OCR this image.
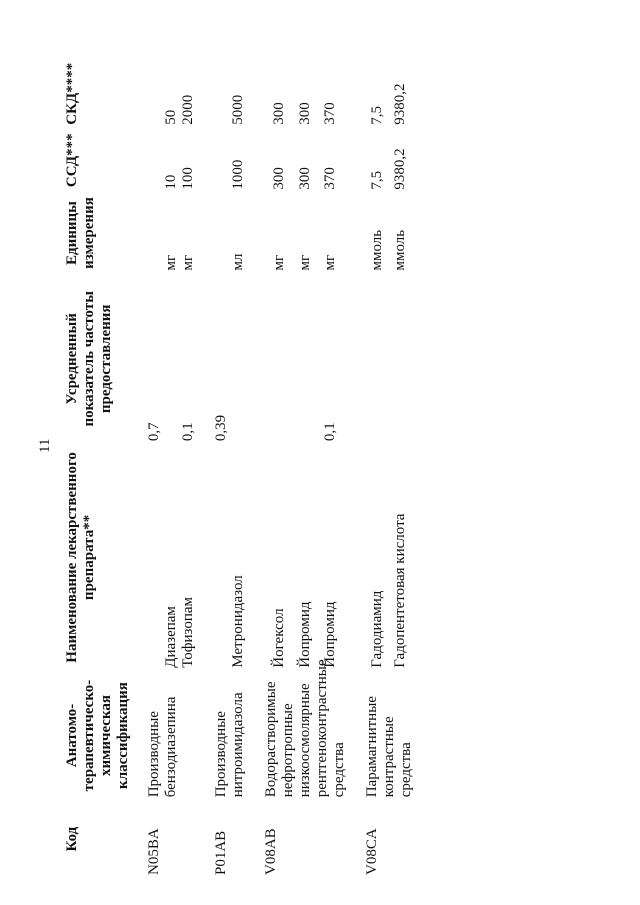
11
Код	Анатомо-терапевтическо-химическая классификация	Наименование лекарственного препарата**	Усредненный показатель частоты предоставления	Единицы измерения	ССД***	СКД****
N05BA	Производные бензодиазепина		0,7			
		Диазепам		мг	10	50
		Тофизопам	0,1	мг	100	2000
P01AB	Производные нитроимидазола		0,39			
		Метронидазол		мл	1000	5000
V08AB	Водорастворимые нефротропные низкоосмолярные рентгеноконтрастные средства					
		Йогексол		мг	300	300
		Йопромид		мг	300	300
		Йопромид	0,1	мг	370	370
V08CA	Парамагнитные контрастные средства					
		Гадодиамид		ммоль	7,5	7,5
		Гадопентетовая кислота		ммоль	9380,2	9380,2
